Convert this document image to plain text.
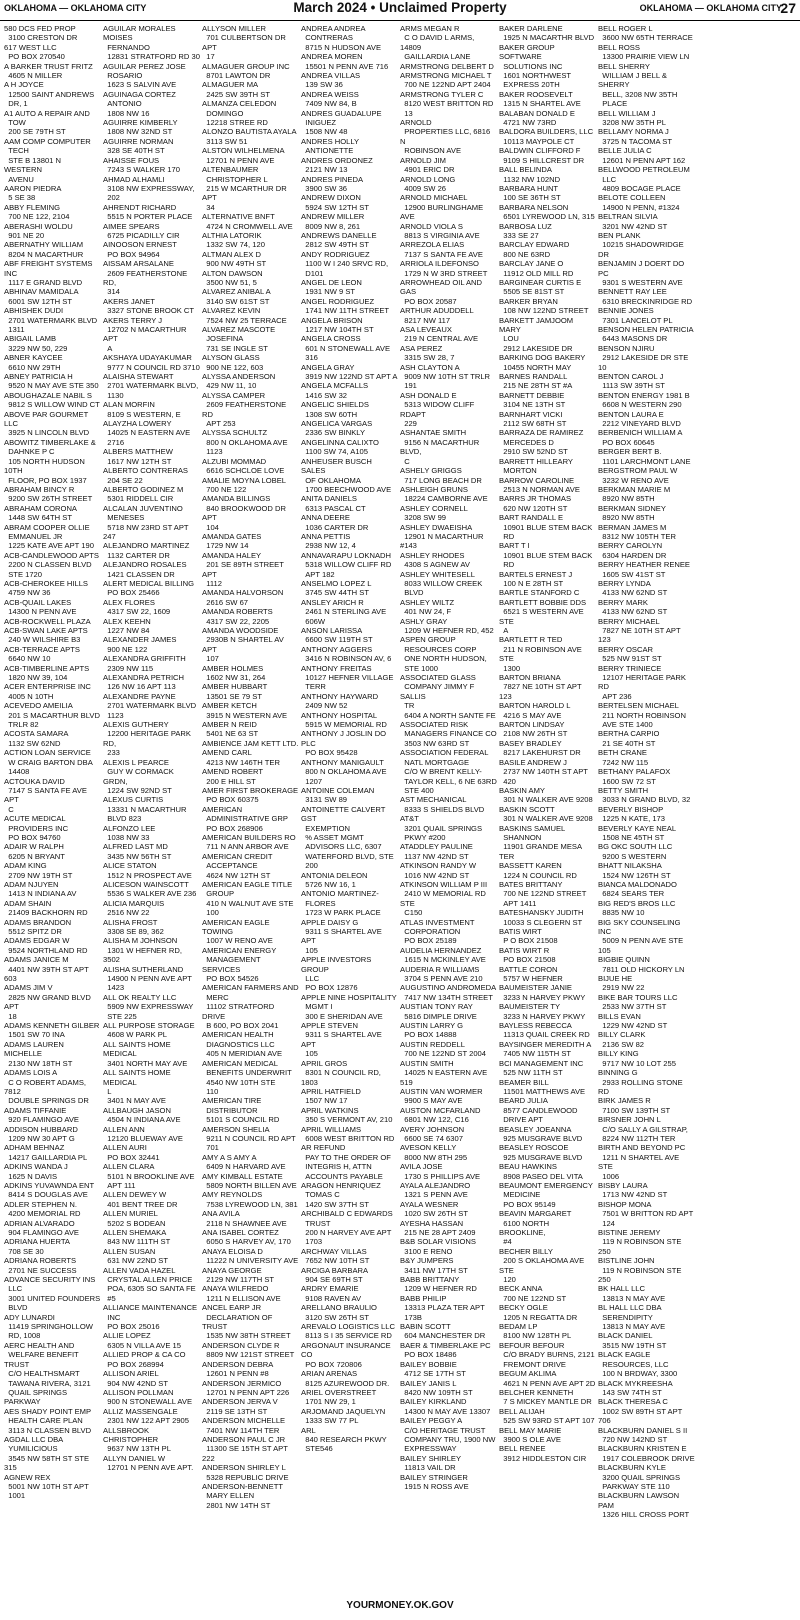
OKLAHOMA — OKLAHOMA CITY	March 2024 • Unclaimed Property	OKLAHOMA — OKLAHOMA CITY
27
580 DCS FED PROP
3100 CRESTON DR
617 WEST LLC
PO BOX 270540
A BARKER TRUST FRITZ
4605 N MILLER
A H JOYCE
12500 SAINT ANDREWS
DR, 1
A1 AUTO A REPAIR AND
TOW
200 SE 79TH ST
AAM COMP COMPUTER
TECH
STE B 13801 N WESTERN
AVENU
AARON PIEDRA
5 SE 38
ABBY FLEMING
700 NE 122, 2104
ABERASHI WOLDU
901 NE 20
ABERNATHY WILLIAM
8204 N MACARTHUR
ABF FREIGHT SYSTEMS INC
1117 E GRAND BLVD
ABHINAV MAMIDALA
6001 SW 12TH ST
ABHISHEK DUDI
2701 WATERMARK BLVD
1311
ABIGAIL LAMB
3229 NW 50, 229
ABNER KAYCEE
6610 NW 29TH
ABNEY PATRICIA H
9520 N MAY AVE STE 350
ABOUGHAZALE NABIL S
9812 S WILLOW WIND CT
ABOVE PAR GOURMET LLC
3925 N LINCOLN BLVD
ABOWITZ TIMBERLAKE &
DAHNKE P C
105 NORTH HUDSON 10TH
FLOOR, PO BOX 1937
ABRAHAM BINCY R
9200 SW 26TH STREET
ABRAHAM CORONA
1448 SW 64TH ST
ABRAM COOPER OLLIE
EMMANUEL JR
1225 KATE AVE APT 190
ACB-CANDLEWOOD APTS
2200 N CLASSEN BLVD
STE 1720
ACB-CHEROKEE HILLS
4759 NW 36
ACB-QUAIL LAKES
14300 N PENN AVE
ACB-ROCKWELL PLAZA
ACB-SWAN LAKE APTS
240 W WILSHIRE B3
ACB-TERRACE APTS
6640 NW 10
ACB-TIMBERLINE APTS
1820 NW 39, 104
ACER ENTERPRISE INC
4005 N 10TH
ACEVEDO AMEILIA
201 S MACARTHUR BLVD
TRLR 82
ACOSTA SAMARA
1132 SW 62ND
ACTION LOAN SERVICE
W CRAIG BARTON DBA
14408
ACTOUKA DAVID
7147 S SANTA FE AVE APT
C
ACUTE MEDICAL
PROVIDERS INC
PO BOX 94760
ADAIR W RALPH
6205 N BRYANT
ADAM KING
2709 NW 19TH ST
ADAM NJUYEN
1413 N INDIANA AV
ADAM SHAIN
21409 BACKHORN RD
ADAMS BRANDON
5512 SPITZ DR
ADAMS EDGAR W
9524 NORTHLAND RD
ADAMS JANICE M
4401 NW 39TH ST APT 603
ADAMS JIM V
2825 NW GRAND BLVD APT
18
ADAMS KENNETH GILBER
1501 SW 70 INA
ADAMS LAUREN MICHELLE
2130 NW 18TH ST
ADAMS LOIS A
C O ROBERT ADAMS, 7812
DOUBLE SPRINGS DR
ADAMS TIFFANIE
920 FLAMINGO AVE
ADDISON HUBBARD
1209 NW 30 APT G
ADHAM BEHNAZ
14217 GAILLARDIA PL
ADKINS WANDA J
1625 N DAVIS
ADKINS YUVAWNDA ENT
8414 S DOUGLAS AVE
ADLER STEPHEN N.
4200 MEMORIAL RD
ADRIAN ALVARADO
904 FLAMINGO AVE
ADRIANA HUERTA
708 SE 30
ADRIANA ROBERTS
2701 NE SUCCESS
ADVANCE SECURITY INS
LLC
3001 UNITED FOUNDERS
BLVD
ADY LUNARDI
11419 SPRINGHOLLOW
RD, 1008
AERC HEALTH AND
WELFARE BENEFIT TRUST
C/O HEALTHSMART
TAWANA RIVERA, 3121
QUAIL SPRINGS PARKWAY
AES SHADY POINT EMP
HEALTH CARE PLAN
3113 N CLASSEN BLVD
AGDAL LLC DBA
YUMILICIOUS
3545 NW 58TH ST STE 315
AGNEW REX
5001 NW 10TH ST APT
1001
AGUILAR MORALES MOISES
FERNANDO
12831 STRATFORD RD 30
AGUILAR PEREZ JOSE
ROSARIO
1623 S SALVIN AVE
AGUINAGA CORTEZ
ANTONIO
1808 NW 16
AGUIRRE KIMBERLY
1808 NW 32ND ST
AGUIRRE NORMAN
328 SE 40TH ST
AHAISSE FOUS
7243 S WALKER 170
AHMAD ALHAMLI
3108 NW EXPRESSWAY,
202
AHRENDT RICHARD
5515 N PORTER PLACE
AIMEE SPEARS
6725 PICADILLY CIR
AINOOSON ERNEST
PO BOX 94964
AISSAM ARSALANE
2609 FEATHERSTONE RD,
314
AKERS JANET
3327 STONE BROOK CT
AKERS TERRY J
12702 N MACARTHUR APT
A
AKSHAYA UDAYAKUMAR
9777 N COUNCIL RD 3710
ALAISHA STEWART
2701 WATERMARK BLVD,
1130
ALAN MORFIN
8109 S WESTERN, E
ALAYZHA LOWERY
14025 N EASTERN AVE
2716
ALBERS MATTHEW
1617 NW 12TH ST
ALBERTO CONTRERAS
204 SE 22
ALBERTO GODINEZ M
5301 RIDDELL CIR
ALCALAN JUVENTINO
MENESES
5718 NW 23RD ST APT 247
ALEJANDRO MARTINEZ
1132 CARTER DR
ALEJANDRO ROSALES
1421 CLASSEN DR
ALERT MEDICAL BILLING
PO BOX 25466
ALEX FLORES
4317 SW 22, 1609
ALEX KEEHN
1227 NW 84
ALEXANDER JAMES
900 NE 122
ALEXANDRA GRIFFITH
2309 NW 115
ALEXANDRA PETRICH
126 NW 16 APT 113
ALEXANDRE PAYNE
2701 WATERMARK BLVD
1123
ALEXIS GUTHERY
12200 HERITAGE PARK RD,
233
ALEXIS L PEARCE
GUY W CORMACK GRDN,
1224 SW 92ND ST
ALEXUS CURTIS
13331 N MACARTHUR
BLVD 823
ALFONZO LEE
1038 NW 33
ALFRED LAST MD
3435 NW 56TH ST
ALICE STATON
1512 N PROSPECT AVE
ALICESON WAINSCOTT
5536 S WALKER AVE 236
ALICIA MARQUIS
2516 NW 22
ALISHA FROST
3308 SE 89, 362
ALISHA M JOHNSON
1301 W HEFNER RD, 3502
ALISHA SUTHERLAND
14900 N PENN AVE APT
1423
ALL OK REALTY LLC
5909 NW EXPRESSWAY
STE 225
ALL PURPOSE STORAGE
4608 W PARK PL
ALL SAINTS HOME MEDICAL
3401 NORTH MAY AVE
ALL SAINTS HOME MEDICAL
L
3401 N MAY AVE
ALLBAUGH JASON
4504 N INDIANA AVE
ALLEN ANN
12120 BLUEWAY AVE
ALLEN AURI
PO BOX 32441
ALLEN CLARA
5101 N BROOKLINE AVE
APT 111
ALLEN DEWEY W
401 BENT TREE DR
ALLEN MURIEL
5202 S BODEAN
ALLEN SHEMAKA
843 NW 111TH ST
ALLEN SUSAN
631 NW 22ND ST
ALLEN VADA HAZEL
CRYSTAL ALLEN PRICE
POA, 6305 SO SANTA FE
#5
ALLIANCE MAINTENANCE
INC
PO BOX 25016
ALLIE LOPEZ
6305 N VILLA AVE 15
ALLIED PROP & CA CO
PO BOX 268994
ALLISON ARIEL
904 NW 42ND ST
ALLISON POLLMAN
900 N STONEWALL AVE
ALLIZ MASSENGALE
2301 NW 122 APT 2905
ALLSBROOK CHRISTOPHER
9637 NW 13TH PL
ALLYN DANIEL W
12701 N PENN AVE APT.
ALLYSON MILLER
701 CULBERTSON DR APT
17
ALMAGUER GROUP INC
8701 LAWTON DR
ALMAGUER MA
2425 SW 39TH ST
ALMANZA CELEDON
DOMINGO
12218 STREE RD
ALONZO BAUTISTA AYALA
3113 SW 51
ALSTON WILHELMENA
12701 N PENN AVE
ALTENBAUMER
CHRISTOPHER L
215 W MCARTHUR DR APT
34
ALTERNATIVE BNFT
4724 N CROMWELL AVE
ALTHIA LATORIK
1332 SW 74, 120
ALTMAN ALEX D
900 NW 49TH ST
ALTON DAWSON
3500 NW 51, 5
ALVAREZ ANIBAL A
3140 SW 61ST ST
ALVAREZ KEVIN
7524 NW 25 TERRACE
ALVAREZ MASCOTE
JOSEFINA
731 SE INGLE ST
ALYSON GLASS
900 NE 122, 603
ALYSSA ANDERSON
429 NW 11, 10
ALYSSA CAMPER
2609 FEATHERSTONE RD
APT 253
ALYSSA SCHULTZ
800 N OKLAHOMA AVE
1123
ALZUBI MOMMAD
6616 SCHCLOE LOVE
AMALIE MOYNA LOBEL
700 NE 122
AMANDA BILLINGS
840 BROOKWOOD DR APT
104
AMANDA GATES
1729 NW 14
AMANDA HALEY
201 SE 89TH STREET APT
1112
AMANDA HALVORSON
2616 SW 67
AMANDA ROBERTS
4317 SW 22, 2205
AMANDA WOODSIDE
2930B N SHARTEL AV APT
107
AMBER HOLMES
1602 NW 31, 264
AMBER HUBBART
13501 SE 79 ST
AMBER KETCH
3915 N WESTERN AVE
AMBER N REID
5401 NE 63 ST
AMBIENCE JAM KETT LTD.
AMEND CARL
4213 NW 146TH TER
AMEND ROBERT
200 E HILL ST
AMER FIRST BROKERAGE
PO BOX 60375
AMERICAN
ADMINISTRATIVE GRP
PO BOX 268906
AMERICAN BUILDERS RO
711 N ANN ARBOR AVE
AMERICAN CREDIT
ACCEPTANCE
4624 NW 12TH ST
AMERICAN EAGLE TITLE
GROUP
410 N WALNUT AVE STE
100
AMERICAN EAGLE TOWING
1007 W RENO AVE
AMERICAN ENERGY
MANAGEMENT SERVICES
PO BOX 54526
AMERICAN FARMERS AND
MERC
11102 STRATFORD DRIVE
B 600, PO BOX 2041
AMERICAN HEALTH
DIAGNOSTICS LLC
405 N MERIDIAN AVE
AMERICAN MEDICAL
BENEFITS UNDERWRIT
4540 NW 10TH STE
110
AMERICAN TIRE
DISTRIBUTOR
5101 S COUNCIL RD
AMERSON SHELIA
9211 N COUNCIL RD APT
701
AMY A S AMY A
6409 N HARVARD AVE
AMY KIMBALL ESTATE
5809 NORTH BILLEN AVE
AMY REYNOLDS
7538 LYREWOOD LN, 381
ANA AVILA
2118 N SHAWNEE AVE
ANA ISABEL CORTEZ
6050 S HARVEY AV, 170
ANAYA ELOISA D
11222 N UNIVERSITY AVE
ANAYA GEORGE
2129 NW 117TH ST
ANAYA WILFREDO
1211 N ELLISON AVE
ANCEL EARP JR
DECLARATION OF TRUST
1535 NW 38TH STREET
ANDERSON CLYDE R
8809 NW 121ST STREET
ANDERSON DEBRA
12601 N PENN #8
ANDERSON JERMICO
12701 N PENN APT 226
ANDERSON JERVA V
2119 SE 13TH ST
ANDERSON MICHELLE
7401 NW 114TH TER
ANDERSON PAUL C JR
11300 SE 15TH ST APT 222
ANDERSON SHIRLEY L
5328 REPUBLIC DRIVE
ANDERSON-BENNETT
MARY ELLEN
2801 NW 14TH ST
ANDREA ANDREA
CONTRERAS
8715 N HUDSON AVE
ANDREA MOREN
15501 N PENN AVE 716
ANDREA VILLAS
139 SW 36
ANDREA WEISS
7409 NW 84, B
ANDRES GUADALUPE
INIGUEZ
1508 NW 48
ANDRES HOLLY
ANTIONETTE
ANDRES ORDONEZ
2121 NW 13
ANDRES PINEDA
3900 SW 36
ANDREW DIXON
5924 SW 12TH ST
ANDREW MILLER
8009 NW 8, 261
ANDREWS DANELLE
2812 SW 49TH ST
ANDY RODRIGUEZ
1100 W I 240 SRVC RD,
D101
ANGEL DE LEON
1931 NW 9 ST
ANGEL RODRIGUEZ
1741 NW 11TH STREET
ANGELA BRISON
1217 NW 104TH ST
ANGELA CROSS
601 N STONEWALL AVE
316
ANGELA GRAY
3919 NW 122ND ST APT A
ANGELA MCFALLS
1416 SW 32
ANGELIC SHIELDS
1308 SW 60TH
ANGELICA VARGAS
2336 SW BINKLY
ANGELINNA CALIXTO
1100 SW 74, A105
ANHEUSER BUSCH SALES
OF OKLAHOMA
1700 BEECHWOOD AVE
ANITA DANIELS
6313 PASCAL CT
ANNA DEERE
1036 CARTER DR
ANNA PETTIS
2938 NW 12, 4
ANNAVARAPU LOKNADH
5318 WILLOW CLIFF RD
APT 182
ANSELMO LOPEZ L
3745 SW 44TH ST
ANSLEY ARICH R
2461 N STERLING AVE
606W
ANSON LARISSA
6600 SW 119TH ST
ANTHONY AGGERS
3416 N ROBINSON AV, 6
ANTHONY FREITAS
10127 HEFNER VILLAGE
TERR
ANTHONY HAYWARD
2409 NW 52
ANTHONY HOSPITAL
5915 W MEMORIAL RD
ANTHONY J JOSLIN DO PLC
PO BOX 95428
ANTHONY MANIGAULT
800 N OKLAHOMA AVE
1207
ANTOINE COLEMAN
3131 SW 89
ANTOINETTE CALVERT GST
EXEMPTION
% ASSET MGMT
ADVISORS LLC, 6307
WATERFORD BLVD, STE
200
ANTONIA DELEON
5726 NW 16, 1
ANTONIO MARTINEZ-
FLORES
1723 W PARK PLACE
APPLE DAISY G
9311 S SHARTEL AVE APT
105
APPLE INVESTORS GROUP
LLC
PO BOX 12876
APPLE NINE HOSPITALITY
MGMT I
300 E SHERIDAN AVE
APPLE STEVEN
9311 S SHARTEL AVE APT
105
APRIL GROS
8301 N COUNCIL RD, 1803
APRIL HATFIELD
1507 NW 17
APRIL WATKINS
350 S VERMONT AV, 210
APRIL WILLIAMS
6008 WEST BRITTON RD
AR REFUND
PAY TO THE ORDER OF
INTEGRIS H, ATTN
ACCOUNTS PAYABLE
ARAGON HENRIQUEZ
TOMAS C
1420 SW 37TH ST
ARCHIBALD C EDWARDS
TRUST
200 N HARVEY AVE APT
1703
ARCHWAY VILLAS
7652 NW 10TH ST
ARCIGA BARBARA
904 SE 69TH ST
ARDRY EMARIE
9108 RAVEN AV
ARELLANO BRAULIO
3120 SW 26TH ST
AREVALO LOGISTICS LLC
8113 S I 35 SERVICE RD
ARGONAUT INSURANCE CO
PO BOX 720806
ARIAN ARENAS
8125 AZUREWOOD DR.
ARIEL OVERSTREET
1701 NW 29, 1
ARJOMAND JAQUELYN
1333 SW 77 PL
ARL
840 RESEARCH PKWY
STE546
ARMS MEGAN R
C O DAVID L ARMS, 14809
GAILLARDIA LANE
ARMSTRONG DELBERT D
ARMSTRONG MICHAEL T
700 NE 122ND APT 2404
ARMSTRONG TYLER C
8120 WEST BRITTON RD
13
ARNOLD
PROPERTIES LLC, 6816 N
ROBINSON AVE
ARNOLD JIM
4901 ERIC DR
ARNOLD LONG
4009 SW 26
ARNOLD MICHAEL
12900 BURLINGHAME AVE
ARNOLD VIOLA S
8813 S VIRGINIA AVE
ARREZOLA ELIAS
7137 S SANTA FE AVE
ARRIOLA ILDEFONSO
1729 N W 3RD STREET
ARROWHEAD OIL AND GAS
PO BOX 20587
ARTHUR ADUDDELL
8217 NW 117
ASA LEVEAUX
219 N CENTRAL AVE
ASA PEREZ
3315 SW 28, 7
ASH CLAYTON A
9009 NW 10TH ST TRLR
191
ASH DONALD E
5313 WIDOW CLIFF RDAPT
229
ASHANTAE SMITH
9156 N MACARTHUR BLVD,
C
ASHELY GRIGGS
717 LONG BEACH DR
ASHLEIGH GRUNS
18224 CAMBORNE AVE
ASHLEY CORNELL
3208 SW 99
ASHLEY DWAEISHA
12901 N MACARTHUR #143
ASHLEY RHODES
4308 S AGNEW AV
ASHLEY WHITESELL
8033 WILLOW CREEK
BLVD
ASHLEY WILTZ
401 NW 24, F
ASHLY GRAY
1209 W HEFNER RD, 452
ASPEN GROUP
RESOURCES CORP
ONE NORTH HUDSON,
STE 1000
ASSOCIATED GLASS
COMPANY JIMMY F SALLIS
TR
6404 A NORTH SANTE FE
ASSOCIATED RISK
MANAGERS FINANCE CO
3503 NW 63RD ST
ASSOCIATION FEDERAL
NATL MORTGAGE
C/O W BRENT KELLY-
TAYLOR KELL, 6 NE 63RD
STE 400
AST MECHANICAL
8333 S SHIELDS BLVD
AT&T
3201 QUAIL SPRINGS
PKWY #200
ATADDLEY PAULINE
1137 NW 42ND ST
ATKINSON RANDY W
1016 NW 42ND ST
ATKINSON WILLIAM P III
2410 W MEMORIAL RD STE
C150
ATLAS INVESTMENT
CORPORATION
PO BOX 25189
AUDELIA HERNANDEZ
1615 N MCKINLEY AVE
AUDERIA R WILLIAMS
3704 S PENN AVE 210
AUGUSTINO ANDROMEDA
7417 NW 134TH STREET
AUSTIAN TONY RAY
5816 DIMPLE DRIVE
AUSTIN LARRY G
PO BOX 14888
AUSTIN REDDELL
700 NE 122ND ST 2004
AUSTIN SMITH
14025 N EASTERN AVE 519
AUSTIN VAN WORMER
9900 S MAY AVE
AUSTON MCFARLAND
6801 NW 122, C16
AVERY JOHNSON
6600 SE 74 6307
AVESON KELLY
8000 NW 8TH 295
AVILA JOSE
1730 S PHILLIPS AVE
AYALA ALEJANDRO
1321 S PENN AVE
AYALA WESNER
1020 SW 26TH ST
AYESHA HASSAN
215 NE 28 APT 2409
B&B SOLAR VISIONS
3100 E RENO
B&Y JUMPERS
3411 NW 17TH ST
BABB BRITTANY
1209 W HEFNER RD
BABB PHILIP
13313 PLAZA TER APT
173B
BABIN SCOTT
604 MANCHESTER DR
BAER & TIMBERLAKE PC
PO BOX 18486
BAILEY BOBBIE
4712 SE 17TH ST
BAILEY JANIS L
8420 NW 109TH ST
BAILEY KIRKLAND
14300 N MAY AVE 13307
BAILEY PEGGY A
C/O HERITAGE TRUST
COMPANY TRU, 1900 NW
EXPRESSWAY
BAILEY SHIRLEY
11813 VAIL DR
BAILEY STRINGER
1915 N ROSS AVE
BAKER DARLENE
1925 N MACARTHR BLVD
BAKER GROUP SOFTWARE
SOLUTIONS INC
1601 NORTHWEST
EXPRESS 20TH
BAKER ROOSEVELT
1315 N SHARTEL AVE
BALABAN DONALD E
4721 NW 73RD
BALDORA BUILDERS, LLC
10113 MAYPOLE CT
BALDWIN CLIFFORD F
9109 S HILLCREST DR
BALL BELINDA
1132 NW 102ND
BARBARA HUNT
100 SE 36TH ST
BARBARA NELSON
6501 LYREWOOD LN, 315
BARBOSA LUZ
333 SE 27
BARCLAY EDWARD
800 NE 63RD
BARCLAY JANE O
11912 OLD MILL RD
BARGINEAR CURTIS E
5505 SE 81ST ST
BARKER BRYAN
108 NW 122ND STREET
BARKETT JAMJOOM MARY
LOU
2912 LAKESIDE DR
BARKING DOG BAKERY
10455 NORTH MAY
BARNES RANDALL
215 NE 28TH ST #A
BARNETT DEBBIE
3104 NE 13TH ST
BARNHART VICKI
2112 SW 68TH ST
BARRAZA DE RAMIREZ
MERCEDES D
2910 SW 52ND ST
BARRETT HILLEARY
MORTON
BARROW CAROLINE
2513 N NORMAN AVE
BARRS JR THOMAS
620 NW 120TH ST
BART RANDALL E
10901 BLUE STEM BACK
RD
BART T I
10901 BLUE STEM BACK
RD
BARTELS ERNEST J
100 N E 28TH ST
BARTLE STANFORD C
BARTLETT BOBBIE DDS
6521 S WESTERN AVE STE
A
BARTLETT R TED
211 N ROBINSON AVE STE
1300
BARTON BRIANA
7827 NE 10TH ST APT 123
BARTON HAROLD L
4216 S MAY AVE
BARTON LINDSAY
2108 NW 26TH ST
BASEY BRADLEY
8217 LAKEHURST DR
BASILE ANDREW J
2737 NW 140TH ST APT
420
BASKIN AMY
301 N WALKER AVE 9208
BASKIN SCOTT
301 N WALKER AVE 9208
BASKINS SAMUEL
SHANNON
11901 GRANDE MESA TER
BASSETT KAREN
1224 N COUNCIL RD
BATES BRITTANY
700 NE 122ND STREET
APT 1411
BATESHANSKY JUDITH
10033 S CLEGERN ST
BATIS WIRT
P O BOX 21508
BATIS WIRT R
PO BOX 21508
BATTLE CORON
5757 W HEFNER
BAUMEISTER JANIE
3233 N HARVEY PKWY
BAUMEISTER TY
3233 N HARVEY PKWY
BAYLESS REBECCA
11313 QUAIL CREEK RD
BAYSINGER MEREDITH A
7405 NW 115TH ST
BCI MANAGEMENT INC
525 NW 11TH ST
BEAMER BILL
11501 MATTHEWS AVE
BEARD JULIA
8577 CANDLEWOOD
DRIVE APT
BEASLEY JOEANNA
925 MUSGRAVE BLVD
BEASLEY ROSCOE
925 MUSGRAVE BLVD
BEAU HAWKINS
8908 PASEO DEL VITA
BEAUMONT EMERGENCY
MEDICINE
PO BOX 95149
BEAVIN MARGARET
6100 NORTH BROOKLINE,
#4
BECHER BILLY
200 S OKLAHOMA AVE STE
120
BECK ANNA
700 NE 122ND ST
BECKY OGLE
1205 N REGATTA DR
BEDAM LP
8100 NW 128TH PL
BEFOUR BEFOUR
C/O BRADY BURNS, 2121
FREMONT DRIVE
BEGUM AKLIMA
4621 N PENN AVE APT 2D
BELCHER KENNETH
7 S MICKEY MANTLE DR
BELL ALIJAH
525 SW 93RD ST APT 107
BELL MAY MARIE
3900 S OLE AVE
BELL RENEE
3912 HIDDLESTON CIR
BELL ROGER L
3600 NW 65TH TERRACE
BELL ROSS
13300 PRAIRIE VIEW LN
BELL SHERRY
WILLIAM J BELL & SHERRY
BELL, 3208 NW 35TH
PLACE
BELL WILLIAM J
3208 NW 35TH PL
BELLAMY NORMA J
3725 N TACOMA ST
BELLE JULIA C
12601 N PENN APT 162
BELLWOOD PETROLEUM
LLC
4809 BOCAGE PLACE
BELOTE COLLEEN
14900 N PENN, #1324
BELTRAN SILVIA
3201 NW 42ND ST
BEN PLANK
10215 SHADOWRIDGE DR
BENJAMIN J DOERT DO PC
9301 S WESTERN AVE
BENNETT RAY LEE
6310 BRECKINRIDGE RD
BENNIE JONES
7301 LANCELOT PL
BENSON HELEN PATRICIA
6443 MASONS DR
BENSON NJIRU
2912 LAKESIDE DR STE 10
BENTON CAROL J
1113 SW 39TH ST
BENTON ENERGY 1981 B
6608 N WESTERN 290
BENTON LAURA E
2212 VINEYARD BLVD
BERBENICH WILLIAM A
PO BOX 60645
BERGER BERT B.
1101 LARCHMONT LANE
BERGSTROM PAUL W
3232 W RENO AVE
BERKMAN MARIE M
8920 NW 85TH
BERKMAN SIDNEY
8920 NW 85TH
BERMAN JAMES M
8312 NW 105TH TER
BERRY CAROLYN
6304 HARDEN DR
BERRY HEATHER RENEE
1605 SW 41ST ST
BERRY LYNDA
4133 NW 62ND ST
BERRY MARK
4133 NW 62ND ST
BERRY MICHAEL
7827 NE 10TH ST APT 123
BERRY OSCAR
525 NW 91ST ST
BERRY TRINIECE
12107 HERITAGE PARK RD
APT 236
BERTELSEN MICHAEL
211 NORTH ROBINSON
AVE STE 1400
BERTHA CARPIO
21 SE 40TH ST
BETH CRANE
7242 NW 115
BETHANY PALAFOX
1600 SW 72 ST
BETTY SMITH
3033 N GRAND BLVD, 32
BEVERLY BISHOP
1225 N KATE, 173
BEVERLY KAYE NEAL
1508 NE 45TH ST
BG OKC SOUTH LLC
9200 S WESTERN
BHATT NILAKSHA
1524 NW 126TH ST
BIANCA MALDONADO
6824 SEARS TER
BIG RED'S BROS LLC
8835 NW 10
BIG SKY COUNSELING INC
5009 N PENN AVE STE 105
BIGBIE QUINN
7811 OLD HICKORY LN
BIJUE HE
2919 NW 22
BIKE BAR TOURS LLC
2533 NW 37TH ST
BILLS EVAN
1229 NW 42ND ST
BILLY CLARK
2136 SW 82
BILLY KING
9717 NW 10 LOT 255
BINNING G
2933 ROLLING STONE RD
BIRK JAMES R
7100 SW 139TH ST
BIRSNER JOHN L
C/O SALLY A GILSTRAP,
8224 NW 112TH TER
BIRTH AND BEYOND PC
1211 N SHARTEL AVE STE
1006
BISBY LAURA
1713 NW 42ND ST
BISHOP MONA
7501 W BRITTON RD APT
124
BISTINE JEREMY
119 N ROBINSON STE 250
BISTLINE JOHN
119 N ROBINSON STE 250
BK HALL LLC
13813 N MAY AVE
BL HALL LLC DBA
SERENDIPITY
13813 N MAY AVE
BLACK DANIEL
3515 NW 19TH ST
BLACK EAGLE
RESOURCES, LLC
100 N BRDWAY, 3300
BLACK MYKREESHA
143 SW 74TH ST
BLACK THERESA C
1002 SW 89TH ST APT 706
BLACKBURN DANIEL S II
720 NW 142ND ST
BLACKBURN KRISTEN E
1917 COLEBROOK DRIVE
BLACKBURN KYLE
3200 QUAIL SPRINGS
PARKWAY STE 110
BLACKBURN LAWSON PAM
1326 HILL CROSS PORT
YOURMONEY.OK.GOV
